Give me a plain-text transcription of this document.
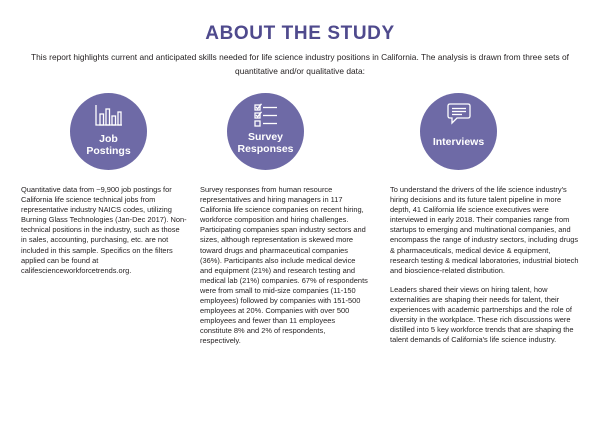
ABOUT THE STUDY

This report highlights current and anticipated skills needed for life science industry positions in California. The analysis is drawn from three sets of quantitative and/or qualitative data:

Job
Postings
Survey
Responses
Interviews

Quantitative data from ~9,900 job postings for California life science technical jobs from representative industry NAICS codes, utilizing Burning Glass Technologies (Jan-Dec 2017). Non-technical positions in the industry, such as those in sales, accounting, purchasing, etc. are not included in this sample. Specifics on the filters applied can be found at califescienceworkforcetrends.org.

Survey responses from human resource representatives and hiring managers in 117 California life science companies on recent hiring, workforce composition and hiring challenges. Participating companies span industry sectors and sizes, although representation is skewed more toward drugs and pharmaceutical companies (36%). Participants also include medical device and equipment (21%) and research testing and medical lab (21%) companies. 67% of respondents were from small to mid-size companies (11-150 employees) followed by companies with 151-500 employees at 20%. Companies with over 500 employees and fewer than 11 employees constitute 8% and 2% of respondents, respectively.

To understand the drivers of the life science industry's hiring decisions and its future talent pipeline in more depth, 41 California life science executives were interviewed in early 2018. Their companies range from startups to emerging and multinational companies, and encompass the range of industry sectors, including drugs & pharmaceuticals, medical device & equipment, research testing & medical laboratories, industrial biotech and bioscience-related distribution.

Leaders shared their views on hiring talent, how externalities are shaping their needs for talent, their experiences with academic partnerships and the role of diversity in the workplace. These rich discussions were distilled into 5 key workforce trends that are shaping the talent demands of California's life science industry.
